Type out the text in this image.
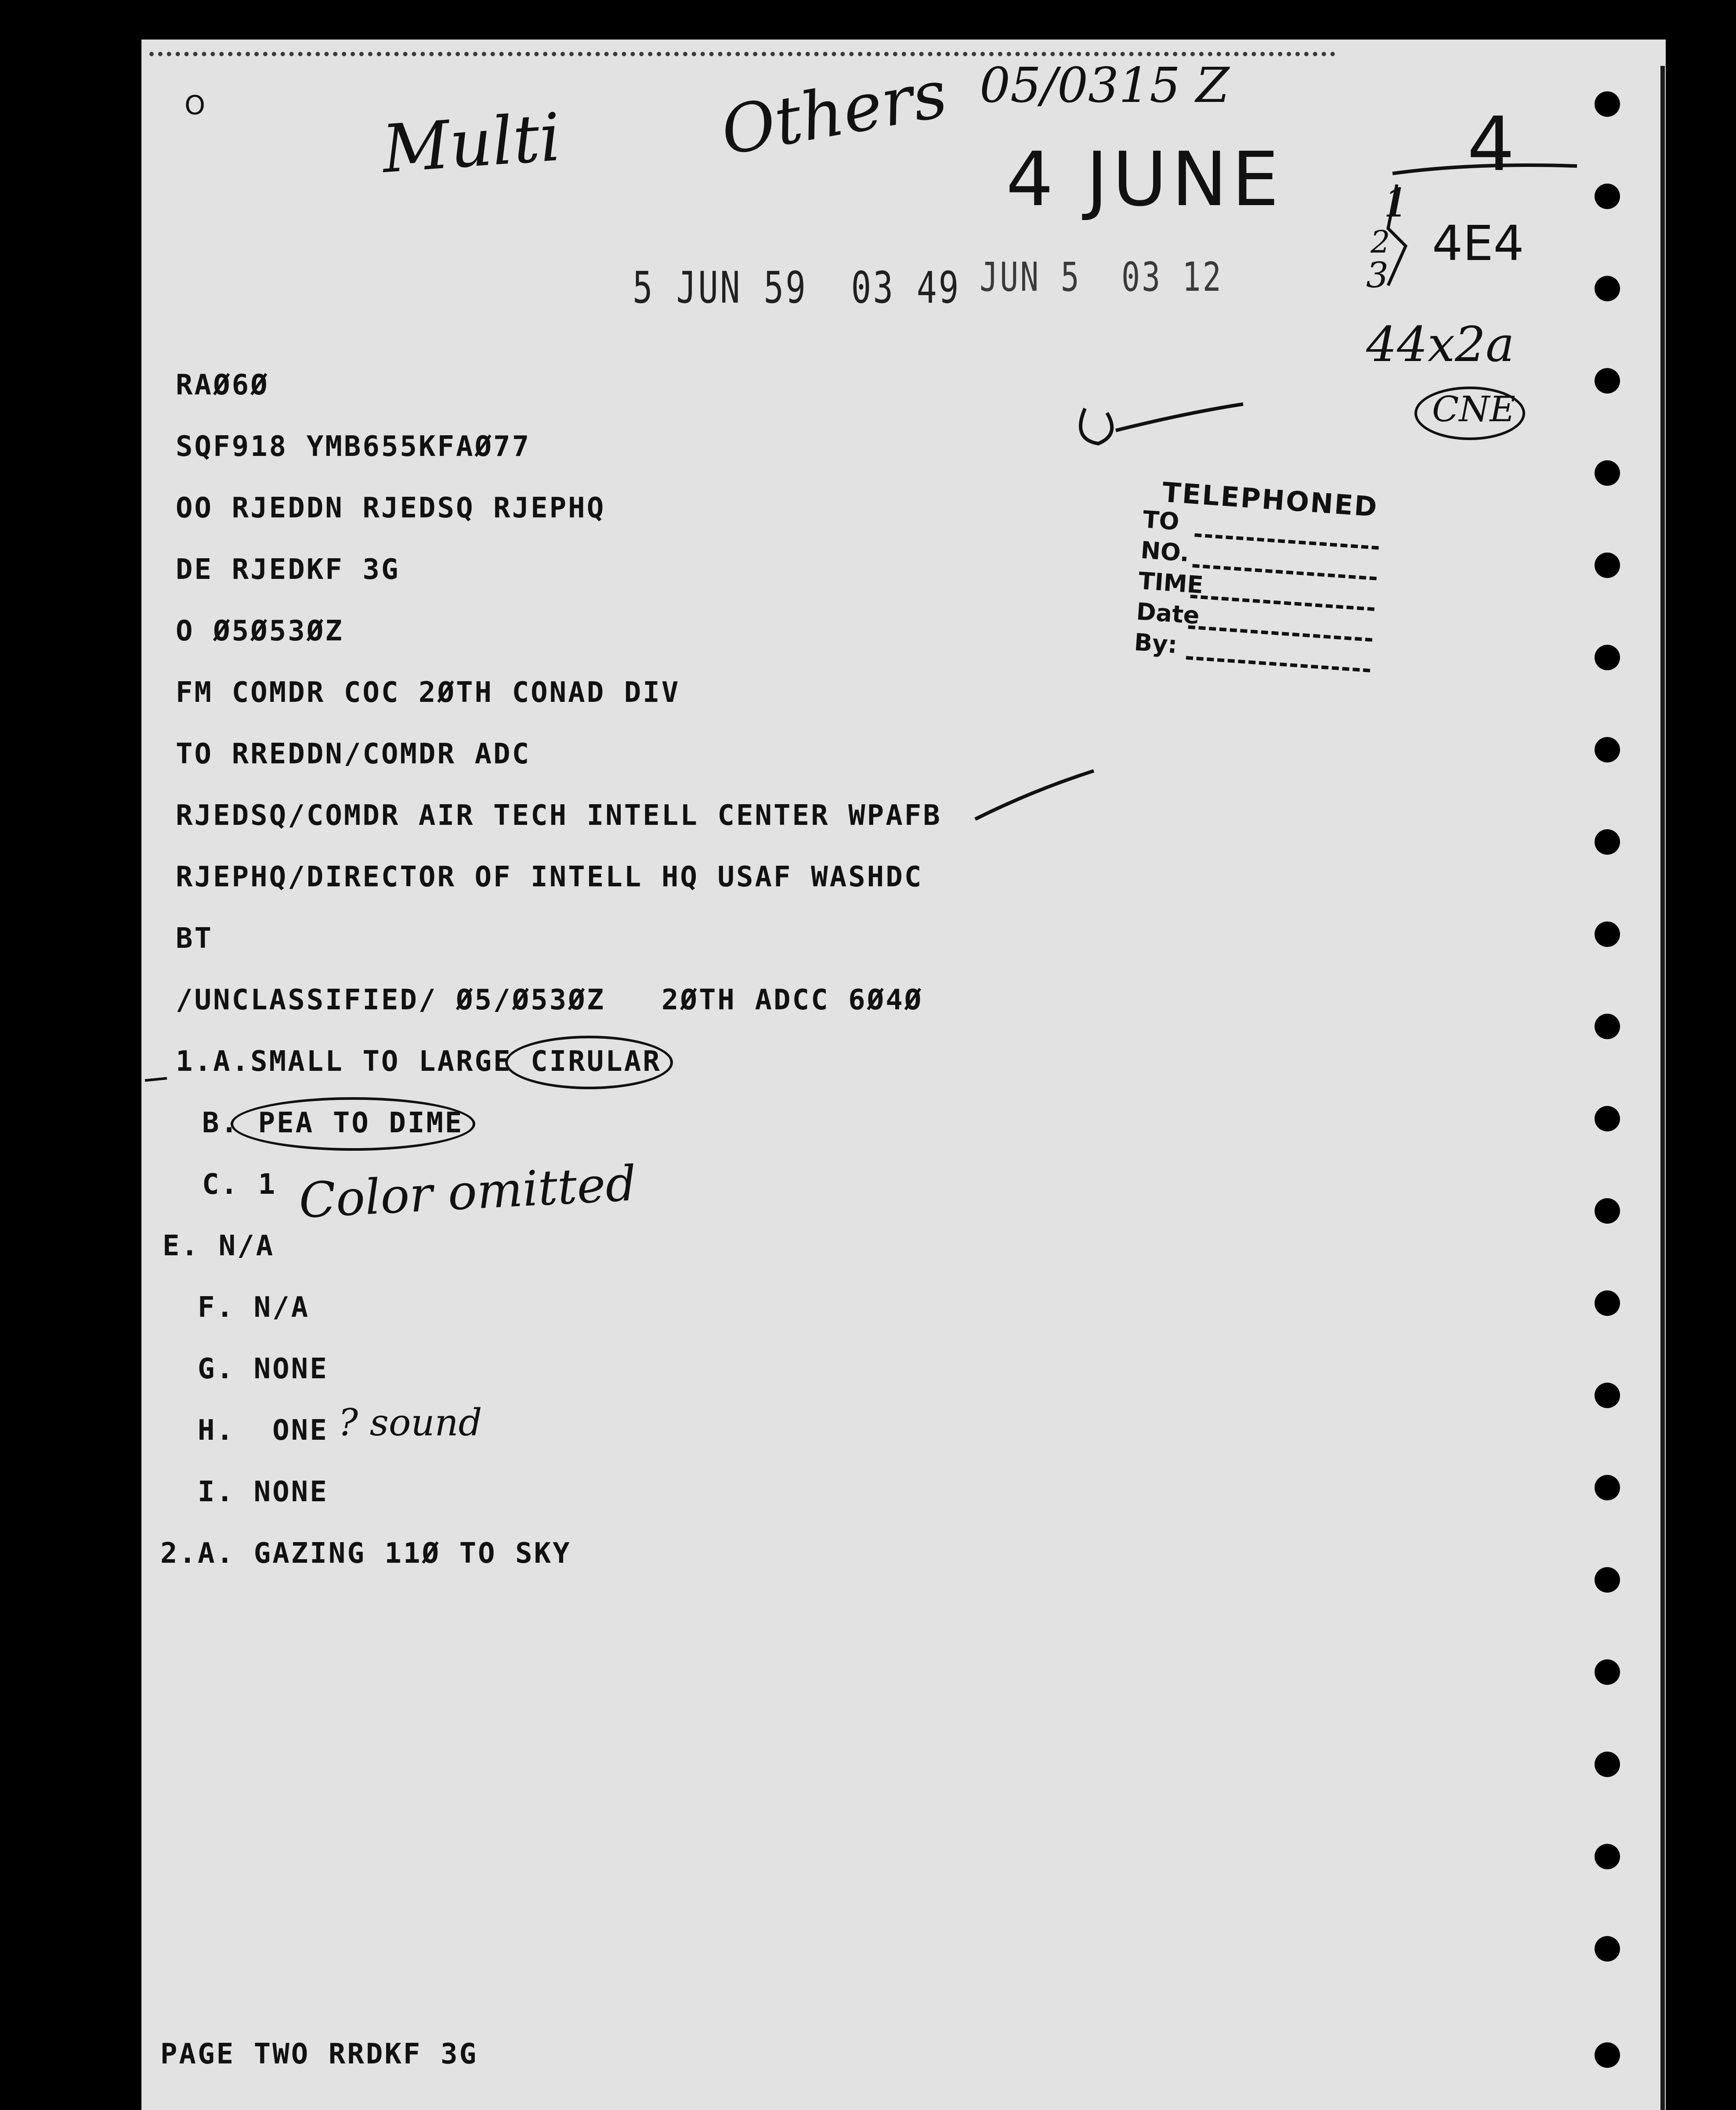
O	Multi Others 05/0315 Z
4 JUNE 4
1
2
3
4E4
44x2a
CNE
5 JUN 59  03 49 JUN 5  03 12
TELEPHONED
TO
NO.
TIME
Date
By:
RAØ6Ø
SQF918 YMB655KFAØ77
OO RJEDDN RJEDSQ RJEPHQ
DE RJEDKF 3G
O Ø5Ø53ØZ
FM COMDR COC 2ØTH CONAD DIV
TO RREDDN/COMDR ADC
RJEDSQ/COMDR AIR TECH INTELL CENTER WPAFB
RJEPHQ/DIRECTOR OF INTELL HQ USAF WASHDC
BT
/UNCLASSIFIED/ Ø5/Ø53ØZ   2ØTH ADCC 6Ø4Ø
1.A.SMALL TO LARGE CIRULAR
B. PEA TO DIME
C. 1 Color omitted
E. N/A
F. N/A
G. NONE
H.  ONE ? sound
I. NONE
2.A. GAZING 11Ø TO SKY
PAGE TWO RRDKF 3G
